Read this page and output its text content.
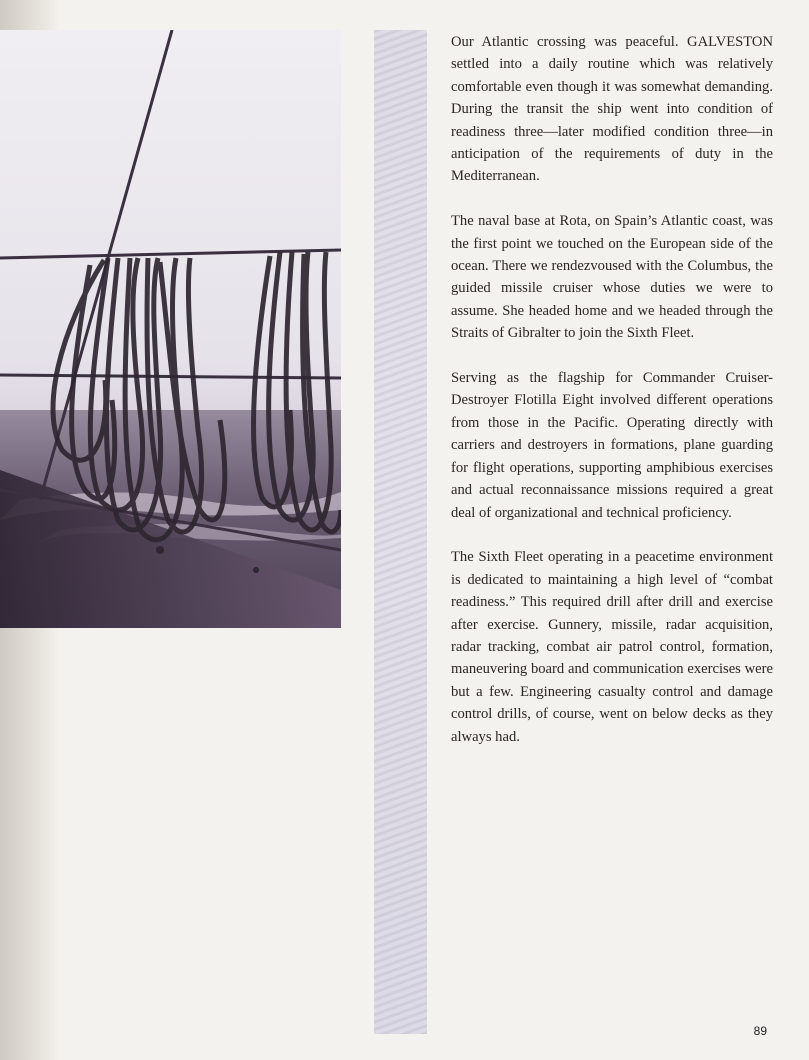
Our Atlantic crossing was peaceful. GALVESTON settled into a daily routine which was relatively comfortable even though it was somewhat demanding. During the transit the ship went into condition of readiness three—later modified condition three—in anticipation of the requirements of duty in the Mediterranean.

The naval base at Rota, on Spain’s Atlantic coast, was the first point we touched on the European side of the ocean. There we rendezvoused with the Columbus, the guided missile cruiser whose duties we were to assume. She headed home and we headed through the Straits of Gibralter to join the Sixth Fleet.

Serving as the flagship for Commander Cruiser-Destroyer Flotilla Eight involved different operations from those in the Pacific. Operating directly with carriers and destroyers in formations, plane guarding for flight operations, supporting amphibious exercises and actual reconnaissance missions required a great deal of organizational and technical proficiency.

The Sixth Fleet operating in a peacetime environment is dedicated to maintaining a high level of “combat readiness.” This required drill after drill and exercise after exercise. Gunnery, missile, radar acquisition, radar tracking, combat air patrol control, formation, maneuvering board and communication exercises were but a few. Engineering casualty control and damage control drills, of course, went on below decks as they always had.

89
